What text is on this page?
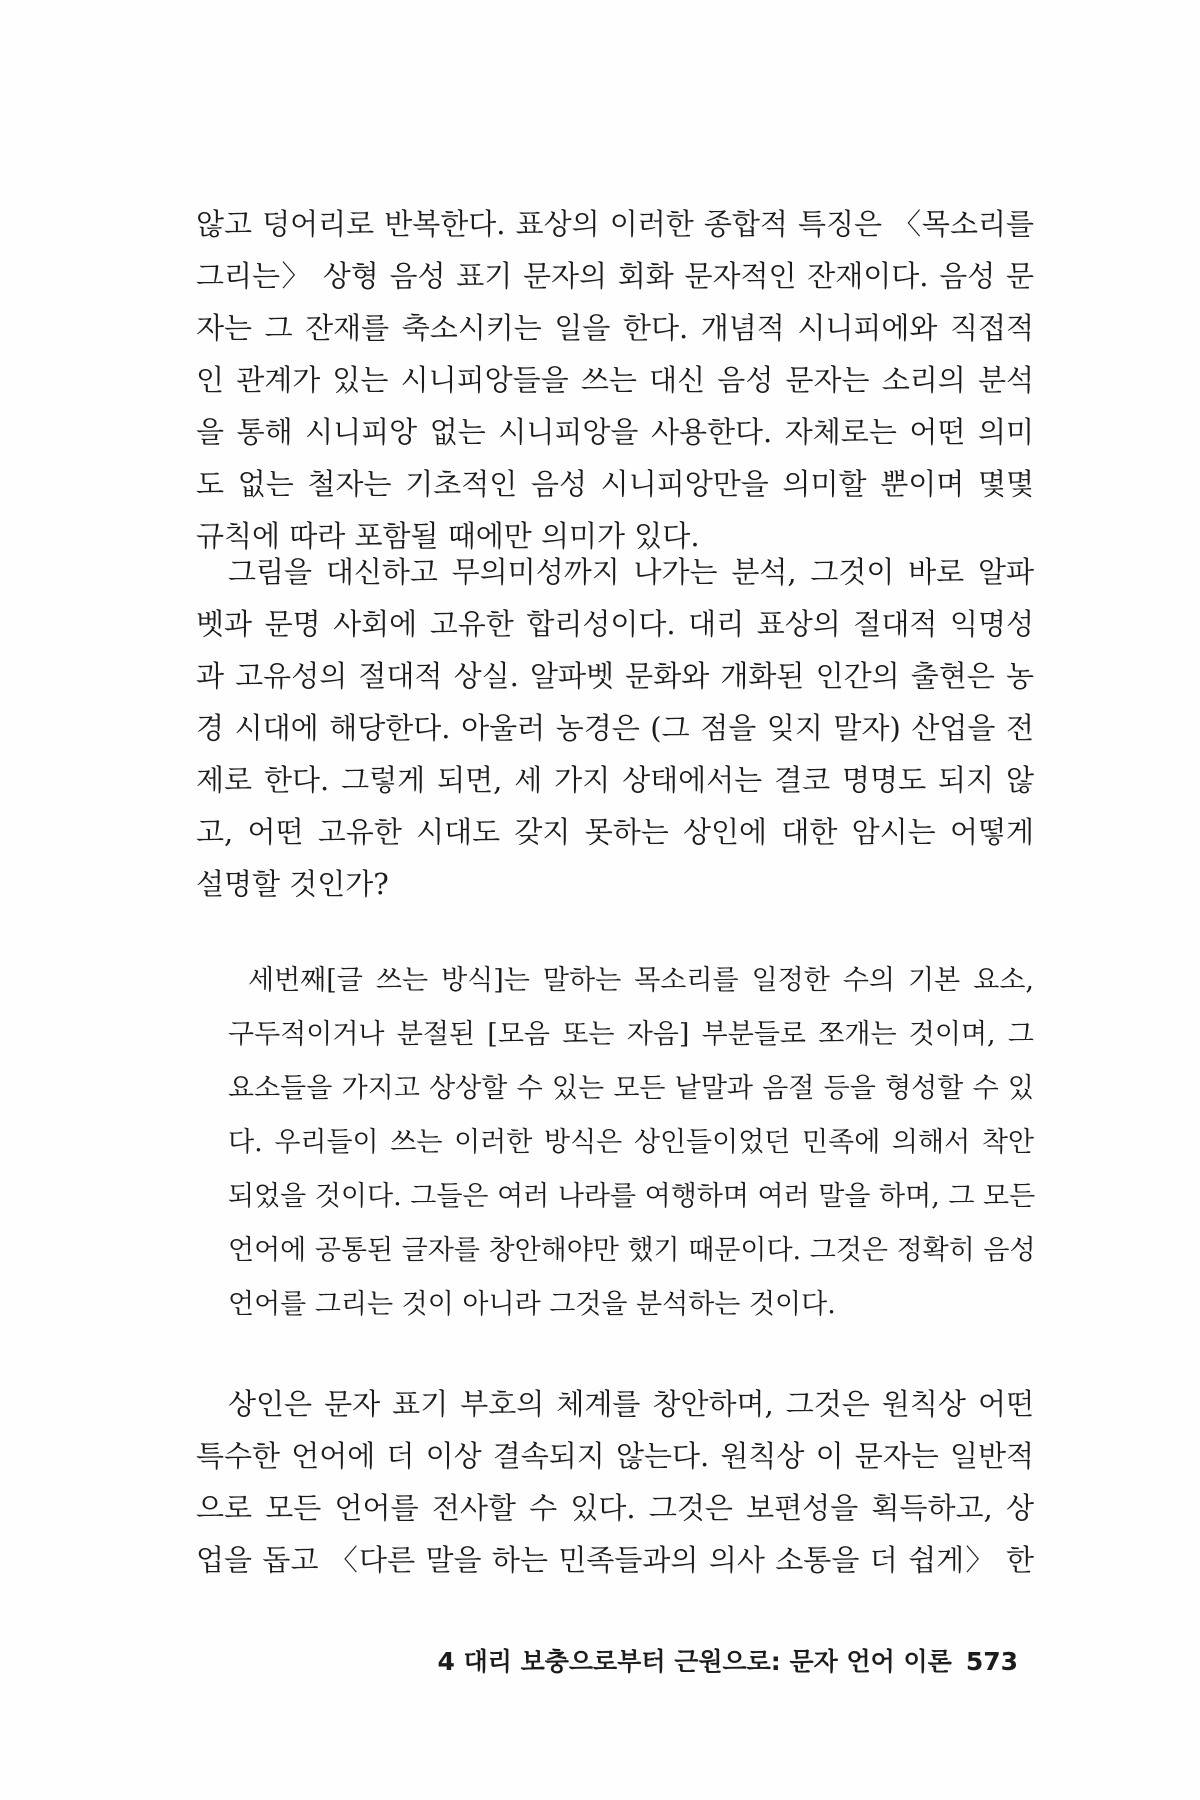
않고 덩어리로 반복한다. 표상의 이러한 종합적 특징은 〈목소리를
그리는〉 상형 음성 표기 문자의 회화 문자적인 잔재이다. 음성 문
자는 그 잔재를 축소시키는 일을 한다. 개념적 시니피에와 직접적
인 관계가 있는 시니피앙들을 쓰는 대신 음성 문자는 소리의 분석
을 통해 시니피앙 없는 시니피앙을 사용한다. 자체로는 어떤 의미
도 없는 철자는 기초적인 음성 시니피앙만을 의미할 뿐이며 몇몇
규칙에 따라 포함될 때에만 의미가 있다.
그림을 대신하고 무의미성까지 나가는 분석, 그것이 바로 알파
벳과 문명 사회에 고유한 합리성이다. 대리 표상의 절대적 익명성
과 고유성의 절대적 상실. 알파벳 문화와 개화된 인간의 출현은 농
경 시대에 해당한다. 아울러 농경은 (그 점을 잊지 말자) 산업을 전
제로 한다. 그렇게 되면, 세 가지 상태에서는 결코 명명도 되지 않
고, 어떤 고유한 시대도 갖지 못하는 상인에 대한 암시는 어떻게
설명할 것인가?
세번째[글 쓰는 방식]는 말하는 목소리를 일정한 수의 기본 요소,
구두적이거나 분절된 [모음 또는 자음] 부분들로 쪼개는 것이며, 그
요소들을 가지고 상상할 수 있는 모든 낱말과 음절 등을 형성할 수 있
다. 우리들이 쓰는 이러한 방식은 상인들이었던 민족에 의해서 착안
되었을 것이다. 그들은 여러 나라를 여행하며 여러 말을 하며, 그 모든
언어에 공통된 글자를 창안해야만 했기 때문이다. 그것은 정확히 음성
언어를 그리는 것이 아니라 그것을 분석하는 것이다.
상인은 문자 표기 부호의 체계를 창안하며, 그것은 원칙상 어떤
특수한 언어에 더 이상 결속되지 않는다. 원칙상 이 문자는 일반적
으로 모든 언어를 전사할 수 있다. 그것은 보편성을 획득하고, 상
업을 돕고 〈다른 말을 하는 민족들과의 의사 소통을 더 쉽게〉 한
4 대리 보충으로부터 근원으로: 문자 언어 이론 573
